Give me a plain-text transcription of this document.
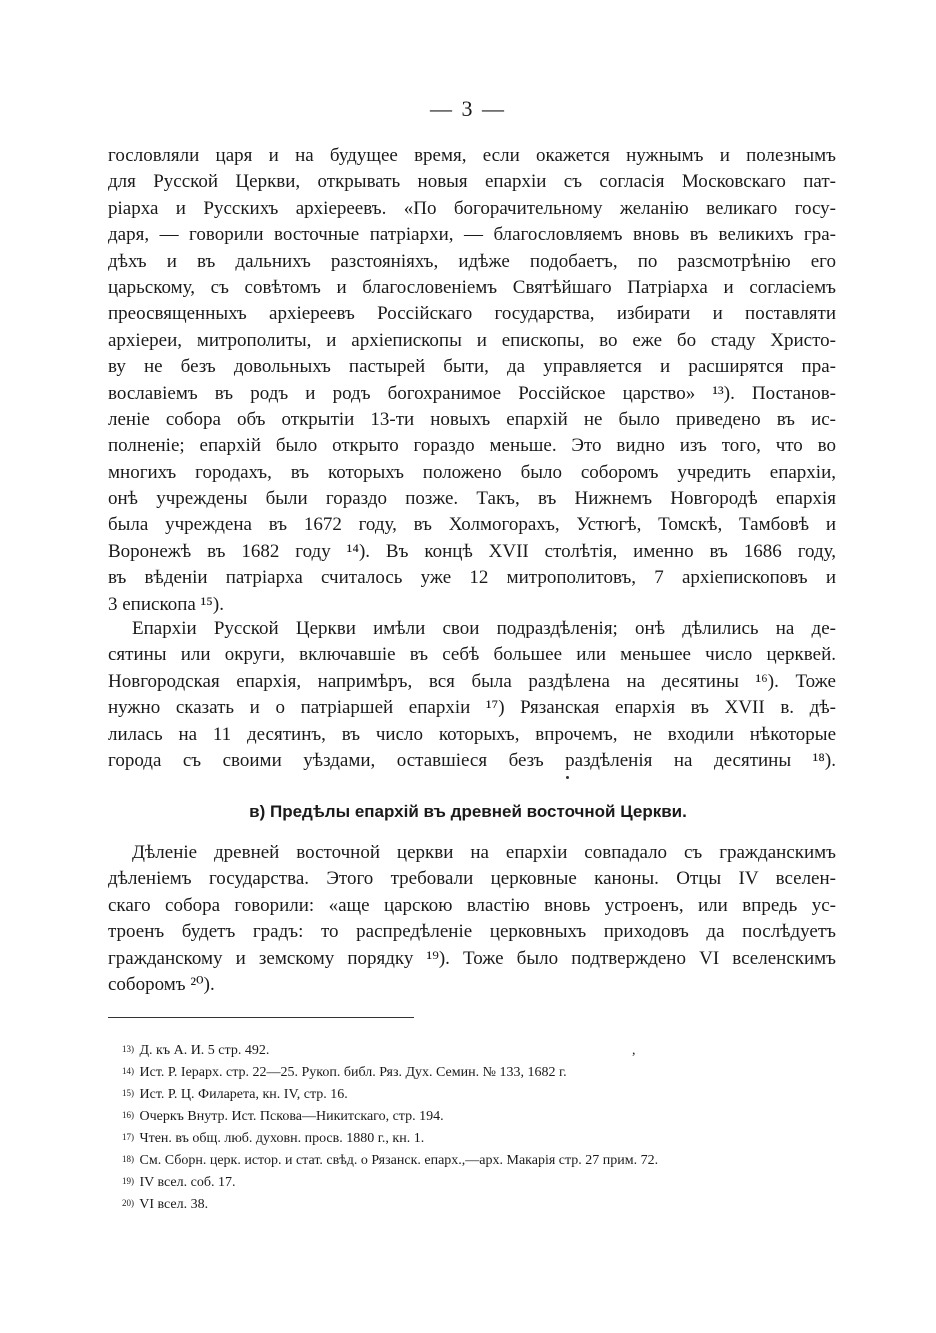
— 3 —
гословляли царя и на будущее время, если окажется нужнымъ и полезнымъ
для Русской Церкви, открывать новыя епархіи съ согласія Московскаго пат-
ріарха и Русскихъ архіереевъ. «По богорачительному желанію великаго госу-
даря, — говорили восточные патріархи, — благословляемъ вновь въ великихъ гра-
дѣхъ и въ дальнихъ разстояніяхъ, идѣже подобаетъ, по разсмотрѣнію его
царьскому, съ совѣтомъ и благословеніемъ Святѣйшаго Патріарха и согласіемъ
преосвященныхъ архіереевъ Россійскаго государства, избирати и поставляти
архіереи, митрополиты, и архіепископы и епископы, во еже бо стаду Христо-
ву не безъ довольныхъ пастырей быти, да управляется и расширятся пра-
вославіемъ въ родъ и родъ богохранимое Россійское царство» ¹³). Постанов-
леніе собора объ открытіи 13-ти новыхъ епархій не было приведено въ ис-
полненіе; епархій было открыто гораздо меньше. Это видно изъ того, что во
многихъ городахъ, въ которыхъ положено было соборомъ учредить епархіи,
онѣ учреждены были гораздо позже. Такъ, въ Нижнемъ Новгородѣ епархія
была учреждена въ 1672 году, въ Холмогорахъ, Устюгѣ, Томскѣ, Тамбовѣ и
Воронежѣ въ 1682 году ¹⁴). Въ концѣ XVII столѣтія, именно въ 1686 году,
въ вѣденіи патріарха считалось уже 12 митрополитовъ, 7 архіепископовъ и
3 епископа ¹⁵).
Епархіи Русской Церкви имѣли свои подраздѣленія; онѣ дѣлились на де-
сятины или округи, включавшіе въ себѣ большее или меньшее число церквей.
Новгородская епархія, напримѣръ, вся была раздѣлена на десятины ¹⁶). Тоже
нужно сказать и о патріаршей епархіи ¹⁷) Рязанская епархія въ XVII в. дѣ-
лилась на 11 десятинъ, въ число которыхъ, впрочемъ, не входили нѣкоторые
города съ своими уѣздами, оставшіеся безъ раздѣленія на десятины ¹⁸).
в) Предѣлы епархій въ древней восточной Церкви.
Дѣленіе древней восточной церкви на епархіи совпадало съ гражданскимъ
дѣленіемъ государства. Этого требовали церковные каноны. Отцы IV вселен-
скаго собора говорили: «аще царскою властію вновь устроенъ, или впредь ус-
троенъ будетъ градъ: то распредѣленіе церковныхъ приходовъ да послѣдуетъ
гражданскому и земскому порядку ¹⁹). Тоже было подтверждено VI вселенскимъ
соборомъ ²⁰).
,
$^{13)}$ Д. къ А. И. 5 стр. 492.
$^{14)}$ Ист. Р. Іерарх. стр. 22—25. Рукоп. библ. Ряз. Дух. Семин. № 133, 1682 г.
$^{15)}$ Ист. Р. Ц. Филарета, кн. IV, стр. 16.
$^{16)}$ Очеркъ Внутр. Ист. Пскова—Никитскаго, стр. 194.
$^{17)}$ Чтен. въ общ. люб. духовн. просв. 1880 г., кн. 1.
$^{18)}$ См. Сборн. церк. истор. и стат. свѣд. о Рязанск. епарх.,—арх. Макарія стр. 27 прим. 72.
$^{19)}$ IV всел. соб. 17.
$^{20)}$ VI всел. 38.
